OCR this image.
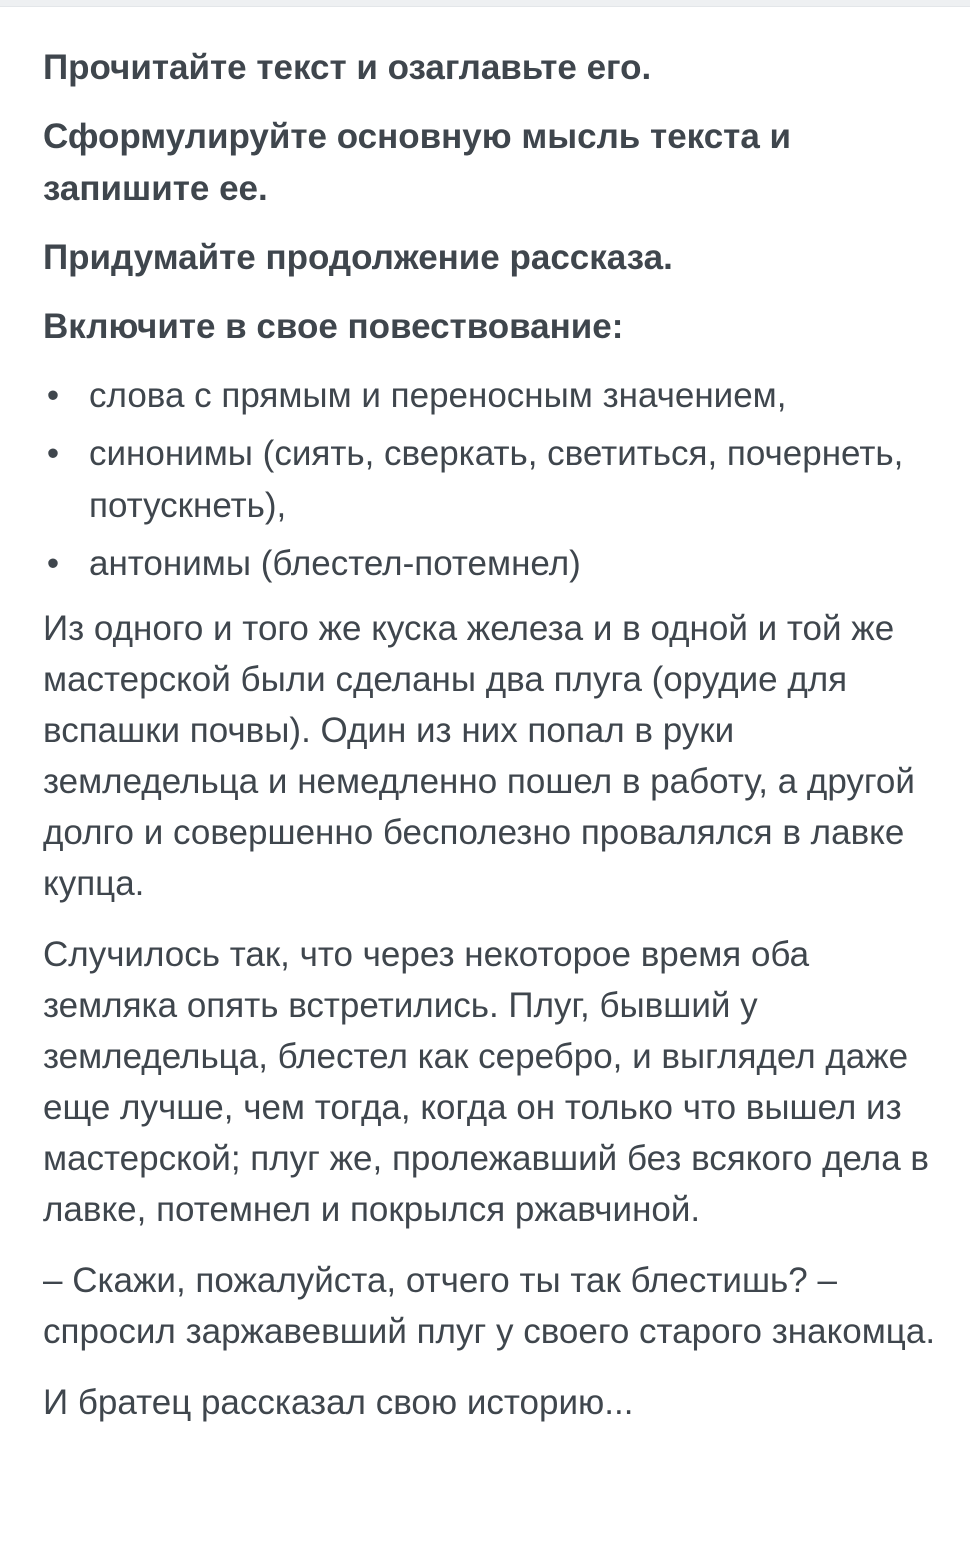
Прочитайте текст и озаглавьте его.

Сформулируйте основную мысль текста и запишите ее.

Придумайте продолжение рассказа.

Включите в свое повествование:

• слова с прямым и переносным значением,
• синонимы (сиять, сверкать, светиться, почернеть, потускнеть),
• антонимы (блестел-потемнел)

Из одного и того же куска железа и в одной и той же мастерской были сделаны два плуга (орудие для вспашки почвы). Один из них попал в руки земледельца и немедленно пошел в работу, а другой долго и совершенно бесполезно провалялся в лавке купца.

Случилось так, что через некоторое время оба земляка опять встретились. Плуг, бывший у земледельца, блестел как серебро, и выглядел даже еще лучше, чем тогда, когда он только что вышел из мастерской; плуг же, пролежавший без всякого дела в лавке, потемнел и покрылся ржавчиной.

– Скажи, пожалуйста, отчего ты так блестишь? – спросил заржавевший плуг у своего старого знакомца.

И братец рассказал свою историю...
